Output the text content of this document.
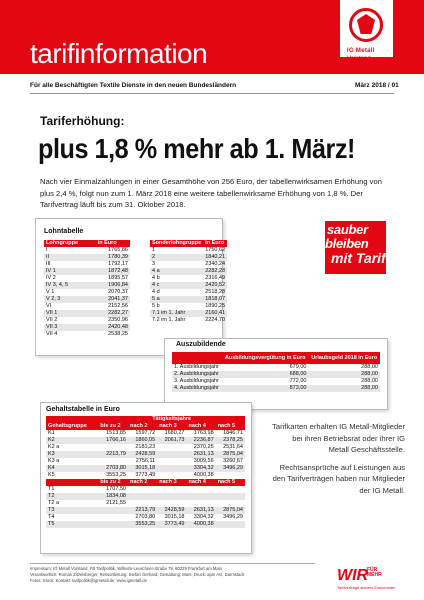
tarifinformation	IG Metall
Vorstand
Für alle Beschäftigten Textile Dienste in den neuen Bundesländern	März 2018 / 01
Tariferhöhung:
plus 1,8 % mehr ab 1. März!
Nach vier Einmalzahlungen in einer Gesamthöhe von 256 Euro, der tabellenwirksamen Erhöhung von plus 2,4 %, folgt nun zum 1. März 2018 eine weitere tabellenwirksame Erhöhung von 1,8 %. Der Tarifvertrag läuft bis zum 31. Oktober 2018.
Lohntabelle
Lohngruppe	in Euro
I	1765,86
II	1780,39
III	1792,17
IV 1	1872,48
IV 2	1895,57
IV 3, 4, 5	1906,84
V 1	2070,37
V 2, 3	2041,37
VI	2152,56
VII 1	2282,27
VII 2	2350,96
VII 3	2420,48
VII 4	2538,25
Sonderlohngruppe	in Euro
1	1750,62
2	1840,21
3	2340,24
4 a	2282,28
4 b	2316,49
4 c	2420,52
4 d	2518,28
5 a	1818,07
5 b	1890,25
7.1 im 1. Jahr	2160,41
7.2 im 1. Jahr	2224,70
sauber
bleiben
mit Tarif.
Auszubildende
	Ausbildungsvergütung in Euro	Urlaubsgeld 2018 in Euro
1. Ausbildungsjahr	679,00	288,00
2. Ausbildungsjahr	688,00	288,00
3. Ausbildungsjahr	772,00	288,00
4. Ausbildungsjahr	873,00	288,00
Gehaltstabelle in Euro
	Tätigkeitsjahre				
Gehaltsgruppe	bis zu 2	nach 2	nach 3	nach 4	nach 5
K1	1513,85	1597,72	1680,27	1763,98	1846,71
K2	1766,16	1860,05	2061,73	2236,87	2378,25
K2 a		2181,23		2370,25	2531,64
K3	2213,79	2428,59		2631,13	2875,04
K3 a		2756,11		3009,56	3260,67
K4	2703,80	3015,18		3304,32	3496,29
K5	3553,25	3773,49		4000,38	
	bis zu 2	nach 2	nach 3	nach 4	nach 5
T1	1707,50				
T2	1834,08				
T2 a	2121,55				
T3		2213,79	2428,59	2631,13	2875,04
T4		2703,80	3015,18	3304,32	3496,29
T5		3553,25	3773,49	4000,38	
Tarifkarten erhalten IG Metall-Mitglieder bei ihren Betriebsrat oder ihrer IG Metall Geschäftsstelle.
Rechtsansprüche auf Leistungen aus den Tarifverträgen haben nur Mitglieder der IG Metall.
Impressum: IG Metall Vorstand, FB Tarifpolitik, Wilhelm-Leuschner-Straße 79, 60329 Frankfurt am Main
Verantwortlich: Roman Zitzelsberger, Ressortleitung: Stefan Gerhard, Gestaltung: Mars, Druck: apm AG, Darmstadt
Fotos: Stock; Kontakt: tarifpolitik@igmetall.de; www.igmetall.de	WIR
FÜR
MEHR
Tarifverträge sichern Einkommen
